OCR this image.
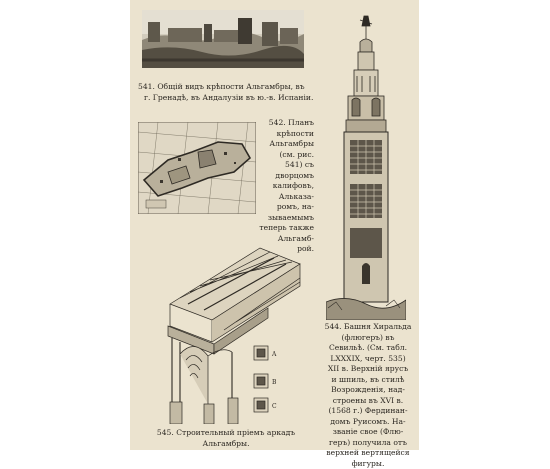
541. Общій видъ крѣпости Альгамбры, въ
г. Гренадѣ, въ Андалузіи въ ю.-в. Испаніи.

542. Планъ
крѣпости
Альгамбры
(см. рис.
541) съ
дворцомъ
калифовъ,
Альказа-
ромъ, на-
зываемымъ
теперь также
Альгамб-
рой.

544. Башня Хиральда
(флюгеръ) въ
Севильѣ. (См. табл.
LXXXIX, черт. 535)
XII в. Верхній ярусъ
и шпиль, въ стилѣ
Возрожденія, над-
строены въ XVI в.
(1568 г.) Фердинан-
домъ Руисомъ. На-
званіе свое (Флю-
геръ) получила отъ
верхней вертящейся
фигуры.

A
B
C

545. Строительный пріемъ аркадъ
Альгамбры.
